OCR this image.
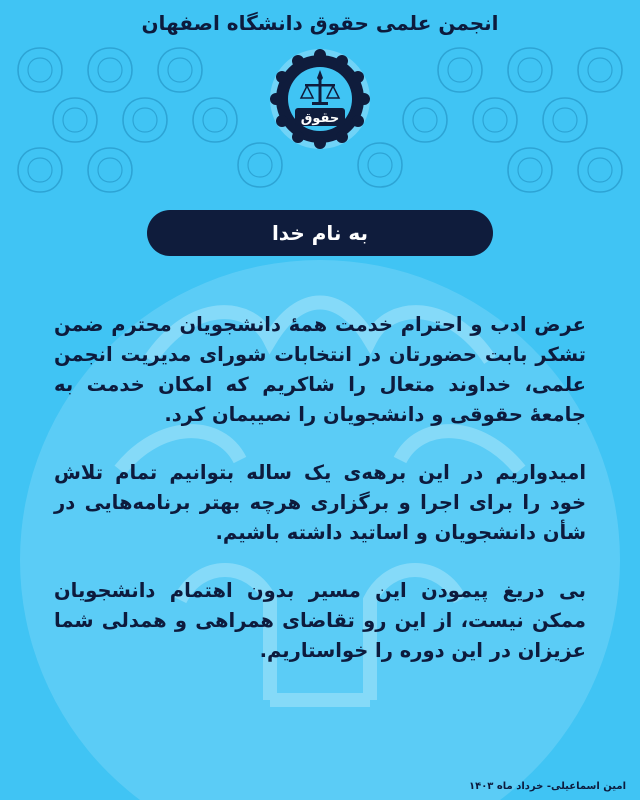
انجمن علمی حقوق دانشگاه اصفهان
حقوق
به نام خدا

عرض ادب و احترام خدمت همهٔ دانشجویان محترم ضمن تشکر بابت حضورتان در انتخابات شورای مدیریت انجمن علمی، خداوند متعال را شاکریم که امکان خدمت به جامعهٔ حقوقی و دانشجویان را نصیبمان کرد.

امیدواریم در این برهه‌ی یک ساله بتوانیم تمام تلاش خود را برای اجرا و برگزاری هرچه بهتر برنامه‌هایی در شأن دانشجویان و اساتید داشته باشیم.

بی دریغ پیمودن این مسیر بدون اهتمام دانشجویان ممکن نیست، از این رو تقاضای همراهی و همدلی شما عزیزان در این دوره را خواستاریم.

امین اسماعیلی- خرداد ماه ۱۴۰۳
